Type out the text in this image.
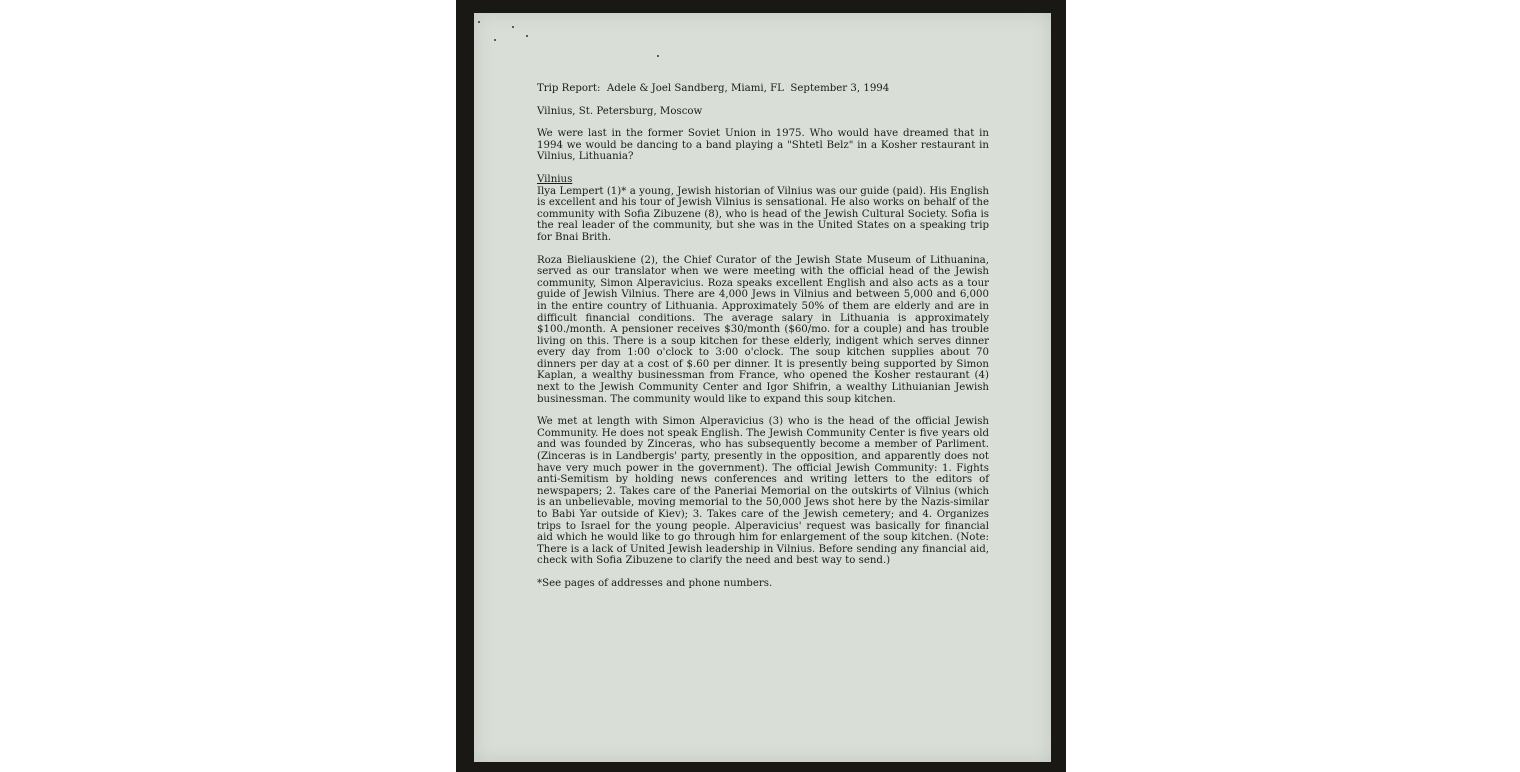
Trip Report:  Adele & Joel Sandberg, Miami, FL  September 3, 1994

Vilnius, St. Petersburg, Moscow

We were last in the former Soviet Union in 1975. Who would have dreamed that in 1994 we would be dancing to a band playing a "Shtetl Belz" in a Kosher restaurant in Vilnius, Lithuania?

Vilnius
Ilya Lempert (1)* a young, Jewish historian of Vilnius was our guide (paid). His English is excellent and his tour of Jewish Vilnius is sensational. He also works on behalf of the community with Sofia Zibuzene (8), who is head of the Jewish Cultural Society. Sofia is the real leader of the community, but she was in the United States on a speaking trip for Bnai Brith.

Roza Bieliauskiene (2), the Chief Curator of the Jewish State Museum of Lithuanina, served as our translator when we were meeting with the official head of the Jewish community, Simon Alperavicius. Roza speaks excellent English and also acts as a tour guide of Jewish Vilnius. There are 4,000 Jews in Vilnius and between 5,000 and 6,000 in the entire country of Lithuania. Approximately 50% of them are elderly and are in difficult financial conditions. The average salary in Lithuania is approximately $100./month. A pensioner receives $30/month ($60/mo. for a couple) and has trouble living on this. There is a soup kitchen for these elderly, indigent which serves dinner every day from 1:00 o'clock to 3:00 o'clock. The soup kitchen supplies about 70 dinners per day at a cost of $.60 per dinner. It is presently being supported by Simon Kaplan, a wealthy businessman from France, who opened the Kosher restaurant (4) next to the Jewish Community Center and Igor Shifrin, a wealthy Lithuianian Jewish businessman. The community would like to expand this soup kitchen.

We met at length with Simon Alperavicius (3) who is the head of the official Jewish Community. He does not speak English. The Jewish Community Center is five years old and was founded by Zinceras, who has subsequently become a member of Parliment. (Zinceras is in Landbergis' party, presently in the opposition, and apparently does not have very much power in the government). The official Jewish Community: 1. Fights anti-Semitism by holding news conferences and writing letters to the editors of newspapers; 2. Takes care of the Paneriai Memorial on the outskirts of Vilnius (which is an unbelievable, moving memorial to the 50,000 Jews shot here by the Nazis-similar to Babi Yar outside of Kiev); 3. Takes care of the Jewish cemetery; and 4. Organizes trips to Israel for the young people. Alperavicius' request was basically for financial aid which he would like to go through him for enlargement of the soup kitchen. (Note: There is a lack of United Jewish leadership in Vilnius. Before sending any financial aid, check with Sofia Zibuzene to clarify the need and best way to send.)

*See pages of addresses and phone numbers.
